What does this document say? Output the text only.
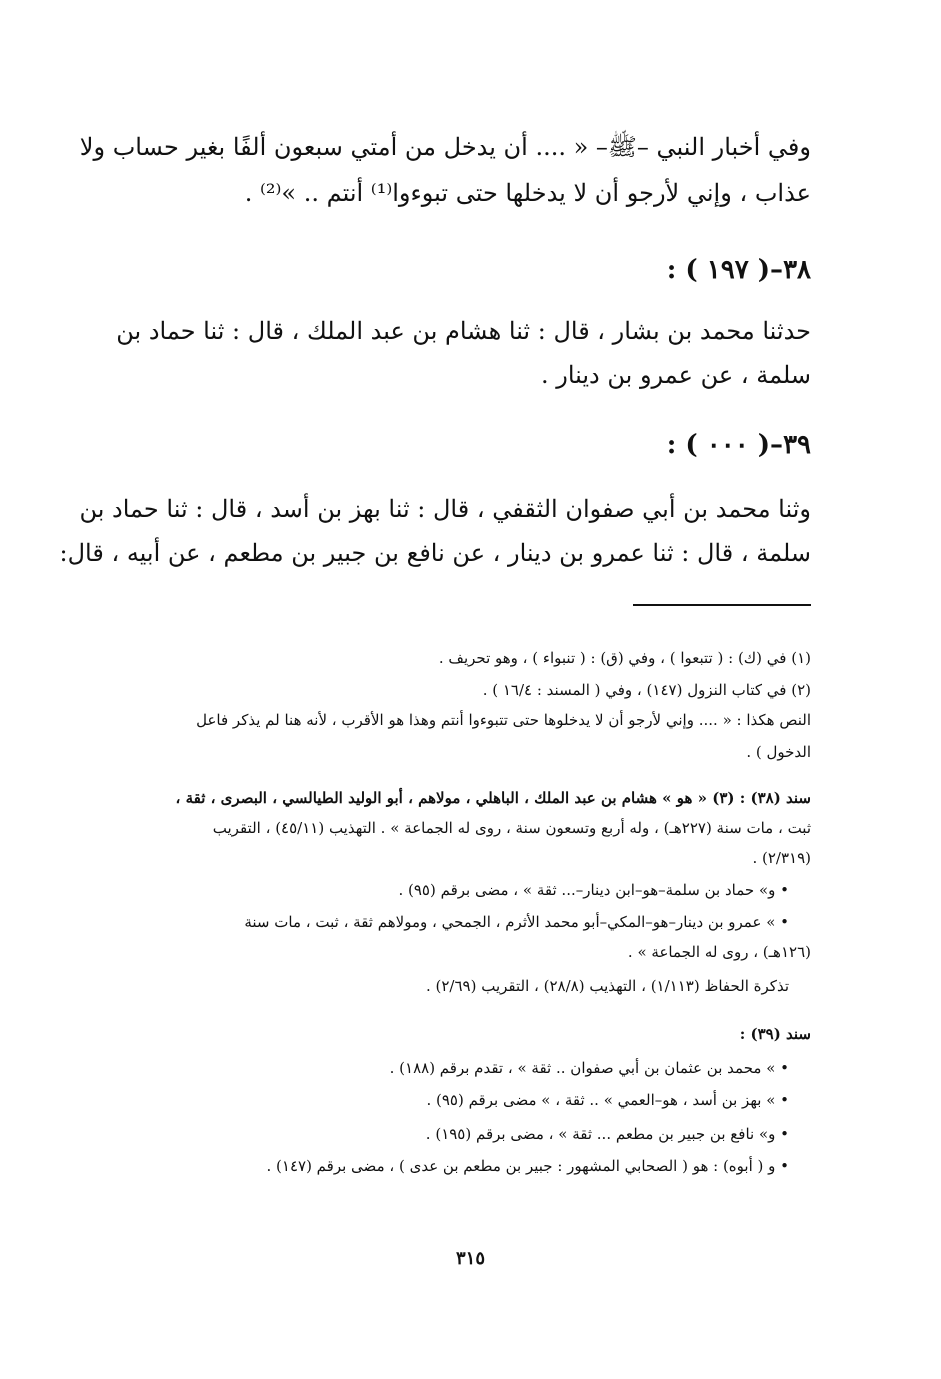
وفي أخبار النبي –ﷺ– « .... أن يدخل من أمتي سبعون ألفًا بغير حساب ولا
عذاب ، وإني لأرجو أن لا يدخلها حتى تبوءوا⁽¹⁾ أنتم .. »⁽²⁾ .
٣٨–( ١٩٧ ) :
حدثنا محمد بن بشار ، قال : ثنا هشام بن عبد الملك ، قال : ثنا حماد بن
سلمة ، عن عمرو بن دينار .
٣٩–( ٠٠٠ ) :
وثنا محمد بن أبي صفوان الثقفي ، قال : ثنا بهز بن أسد ، قال : ثنا حماد بن
سلمة ، قال : ثنا عمرو بن دينار ، عن نافع بن جبير بن مطعم ، عن أبيه ، قال:
(١) في (ك) : ( تتبعوا ) ، وفي (ق) : ( تنبواء ) ، وهو تحريف .
(٢) في كتاب النزول (١٤٧) ، وفي ( المسند : ١٦/٤ ) .
النص هكذا : « .... وإني لأرجو أن لا يدخلوها حتى تتبوءوا أنتم وهذا هو الأقرب ، لأنه هنا لم يذكر فاعل
الدخول ) .
سند (٣٨) : (٣) « هو » هشام بن عبد الملك ، الباهلي ، مولاهم ، أبو الوليد الطيالسي ، البصرى ، ثقة ،
ثبت ، مات سنة (٢٢٧هـ) ، وله أربع وتسعون سنة ، روى له الجماعة » . التهذيب (٤٥/١١) ، التقريب
(٢/٣١٩) .
• و» حماد بن سلمة–هو–ابن دينار–... ثقة » ، مضى برقم (٩٥) .
• » عمرو بن دينار–هو–المكي–أبو محمد الأثرم ، الجمحي ، ومولاهم ثقة ، ثبت ، مات سنة
(١٢٦هـ) ، روى له الجماعة » .
تذكرة الحفاظ (١/١١٣) ، التهذيب (٢٨/٨) ، التقريب (٢/٦٩) .
سند (٣٩) :
• » محمد بن عثمان بن أبي صفوان .. ثقة » ، تقدم برقم (١٨٨) .
• » بهز بن أسد ، هو–العمي » .. ثقة ، » مضى برقم (٩٥) .
• و» نافع بن جبير بن مطعم ... ثقة » ، مضى برقم (١٩٥) .
• و ( أبوه) : هو ( الصحابي المشهور : جبير بن مطعم بن عدى ) ، مضى برقم (١٤٧) .
٣١٥
